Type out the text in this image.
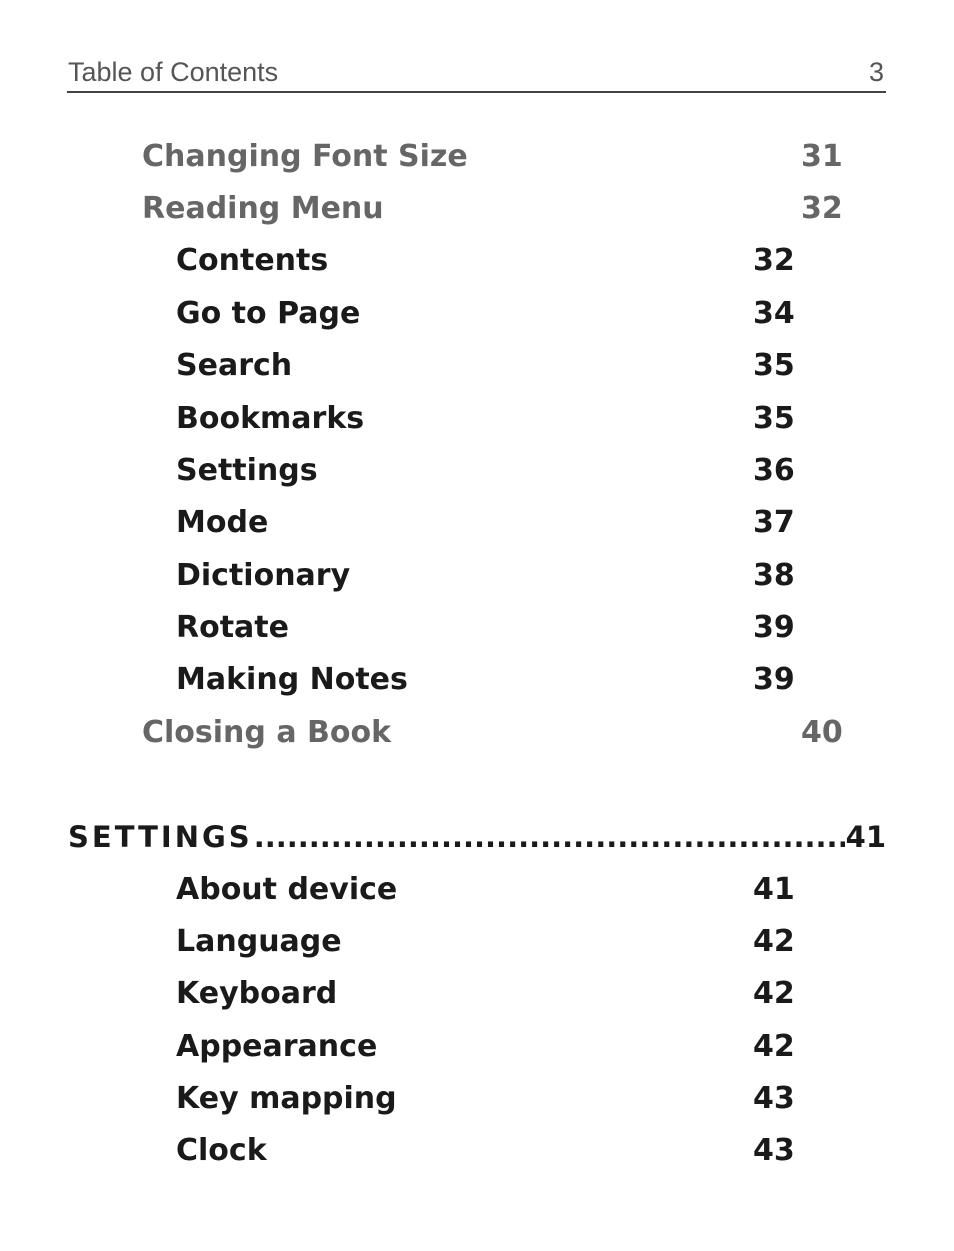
Table of Contents	3
Changing Font Size	31
Reading Menu	32
Contents	32
Go to Page	34
Search	35
Bookmarks	35
Settings	36
Mode	37
Dictionary	38
Rotate	39
Making Notes	39
Closing a Book	40
SETTINGS .....	41
About device	41
Language	42
Keyboard	42
Appearance	42
Key mapping	43
Clock	43
